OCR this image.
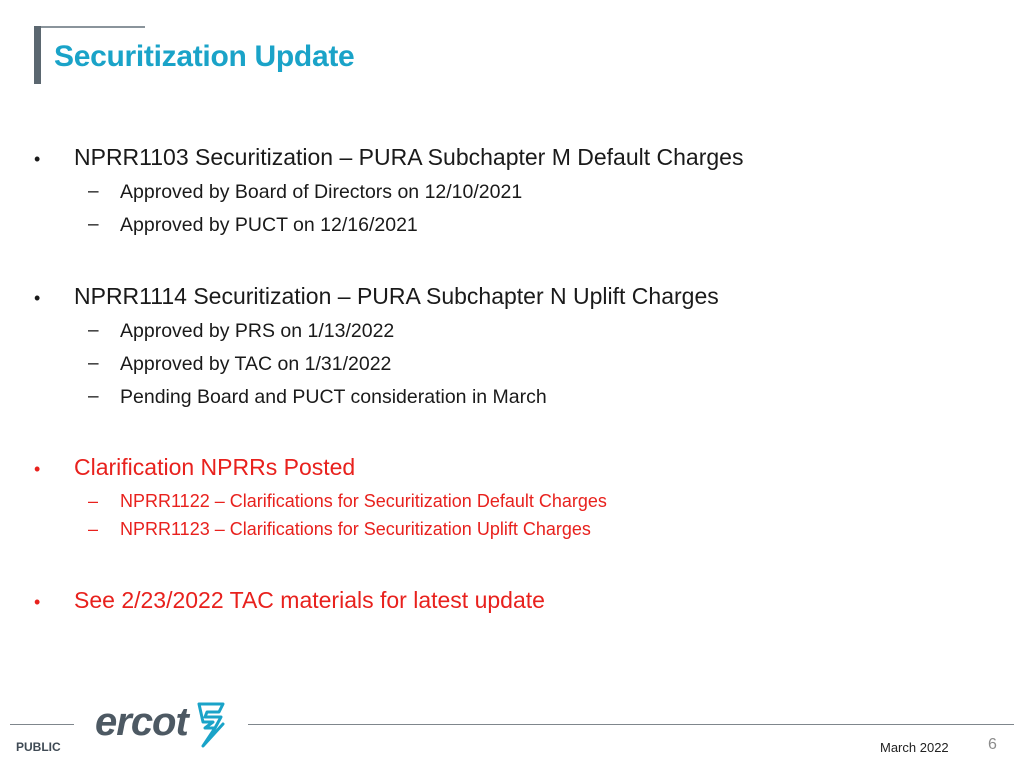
Securitization Update
• NPRR1103 Securitization – PURA Subchapter M Default Charges
– Approved by Board of Directors on 12/10/2021
– Approved by PUCT on 12/16/2021
• NPRR1114 Securitization – PURA Subchapter N Uplift Charges
– Approved by PRS on 1/13/2022
– Approved by TAC on 1/31/2022
– Pending Board and PUCT consideration in March
• Clarification NPRRs Posted
– NPRR1122 – Clarifications for Securitization Default Charges
– NPRR1123 – Clarifications for Securitization Uplift Charges
• See 2/23/2022 TAC materials for latest update
ercot
PUBLIC	March 2022 6
